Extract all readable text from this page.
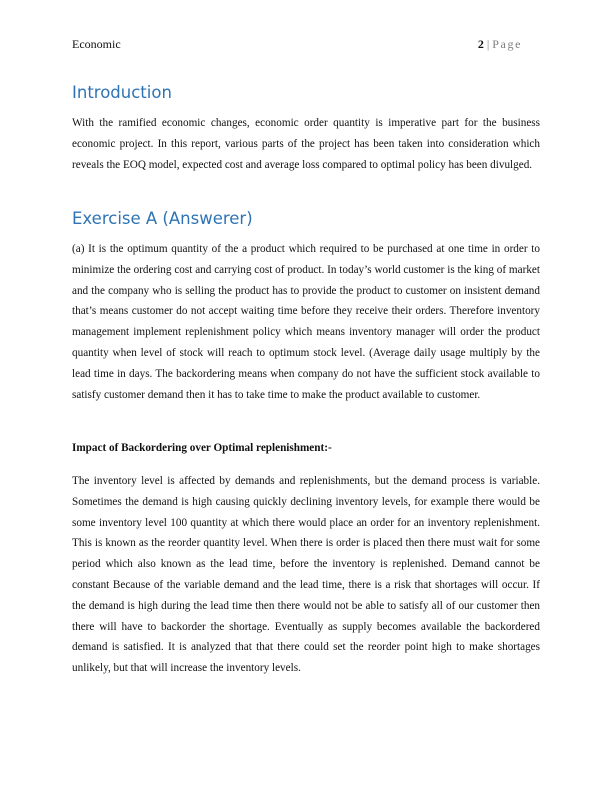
Economic	2 | Page
Introduction

With the ramified economic changes, economic order quantity is imperative part for the business economic project. In this report, various parts of the project has been taken into consideration which reveals the EOQ model, expected cost and average loss compared to optimal policy has been divulged.

Exercise A (Answerer)

(a) It is the optimum quantity of the a product which required to be purchased at one time in order to minimize the ordering cost and carrying cost of product. In today’s world customer is the king of market and the company who is selling the product has to provide the product to customer on insistent demand that’s means customer do not accept waiting time before they receive their orders. Therefore inventory management implement replenishment policy which means inventory manager will order the product quantity when level of stock will reach to optimum stock level. (Average daily usage multiply by the lead time in days. The backordering means when company do not have the sufficient stock available to satisfy customer demand then it has to take time to make the product available to customer.

Impact of Backordering over Optimal replenishment:-

The inventory level is affected by demands and replenishments, but the demand process is variable. Sometimes the demand is high causing quickly declining inventory levels, for example there would be some inventory level 100 quantity at which there would place an order for an inventory replenishment. This is known as the reorder quantity level. When there is order is placed then there must wait for some period which also known as the lead time, before the inventory is replenished. Demand cannot be constant Because of the variable demand and the lead time, there is a risk that shortages will occur. If the demand is high during the lead time then there would not be able to satisfy all of our customer then there will have to backorder the shortage. Eventually as supply becomes available the backordered demand is satisfied. It is analyzed that that there could set the reorder point high to make shortages unlikely, but that will increase the inventory levels.
